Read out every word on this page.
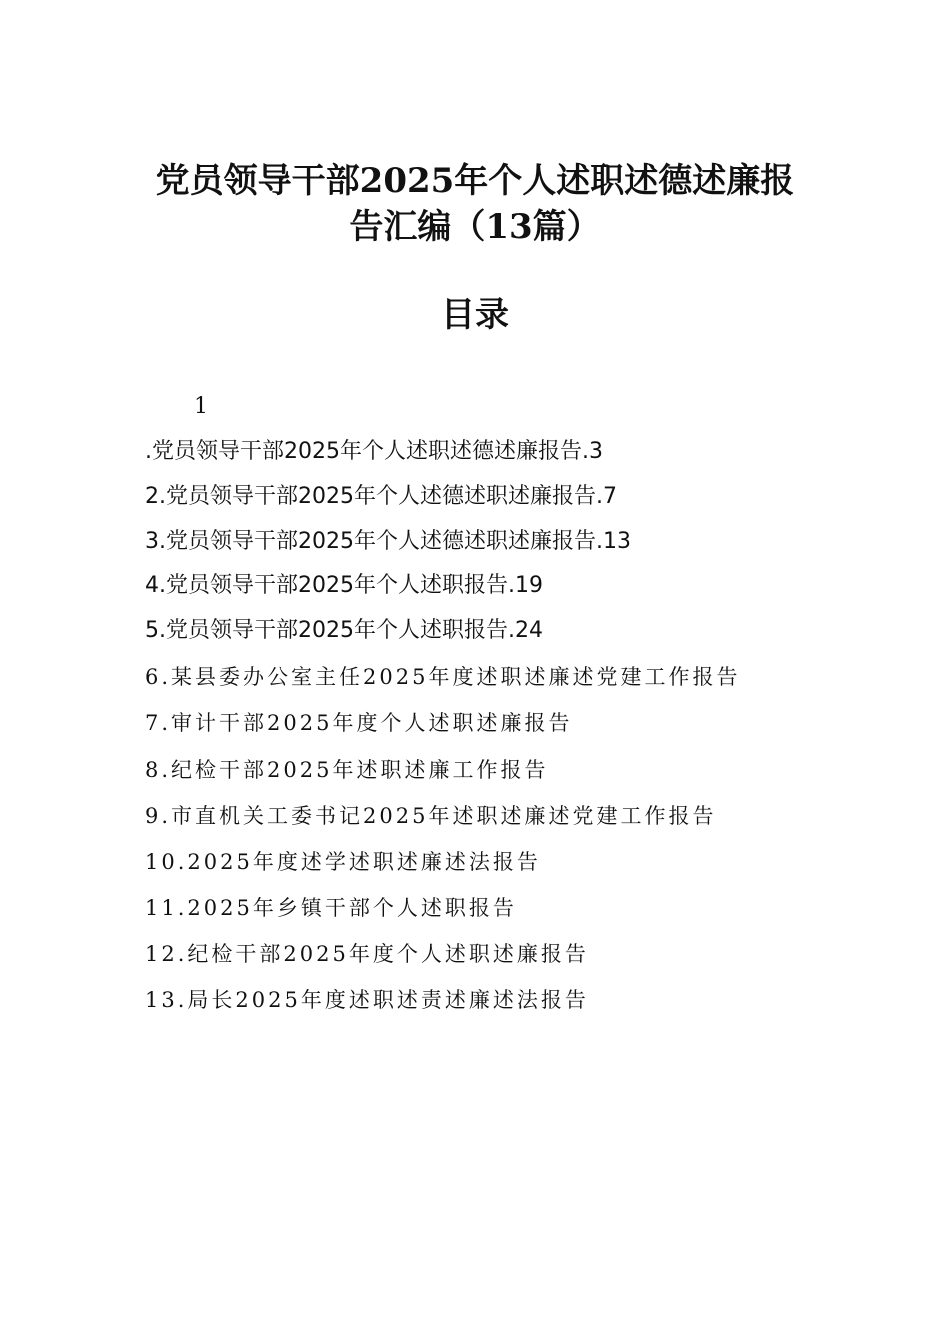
党员领导干部2025年个人述职述德述廉报
告汇编（13篇）
目录
1
.党员领导干部2025年个人述职述德述廉报告.3
2.党员领导干部2025年个人述德述职述廉报告.7
3.党员领导干部2025年个人述德述职述廉报告.13
4.党员领导干部2025年个人述职报告.19
5.党员领导干部2025年个人述职报告.24
6.某县委办公室主任2025年度述职述廉述党建工作报告
7.审计干部2025年度个人述职述廉报告
8.纪检干部2025年述职述廉工作报告
9.市直机关工委书记2025年述职述廉述党建工作报告
10.2025年度述学述职述廉述法报告
11.2025年乡镇干部个人述职报告
12.纪检干部2025年度个人述职述廉报告
13.局长2025年度述职述责述廉述法报告
